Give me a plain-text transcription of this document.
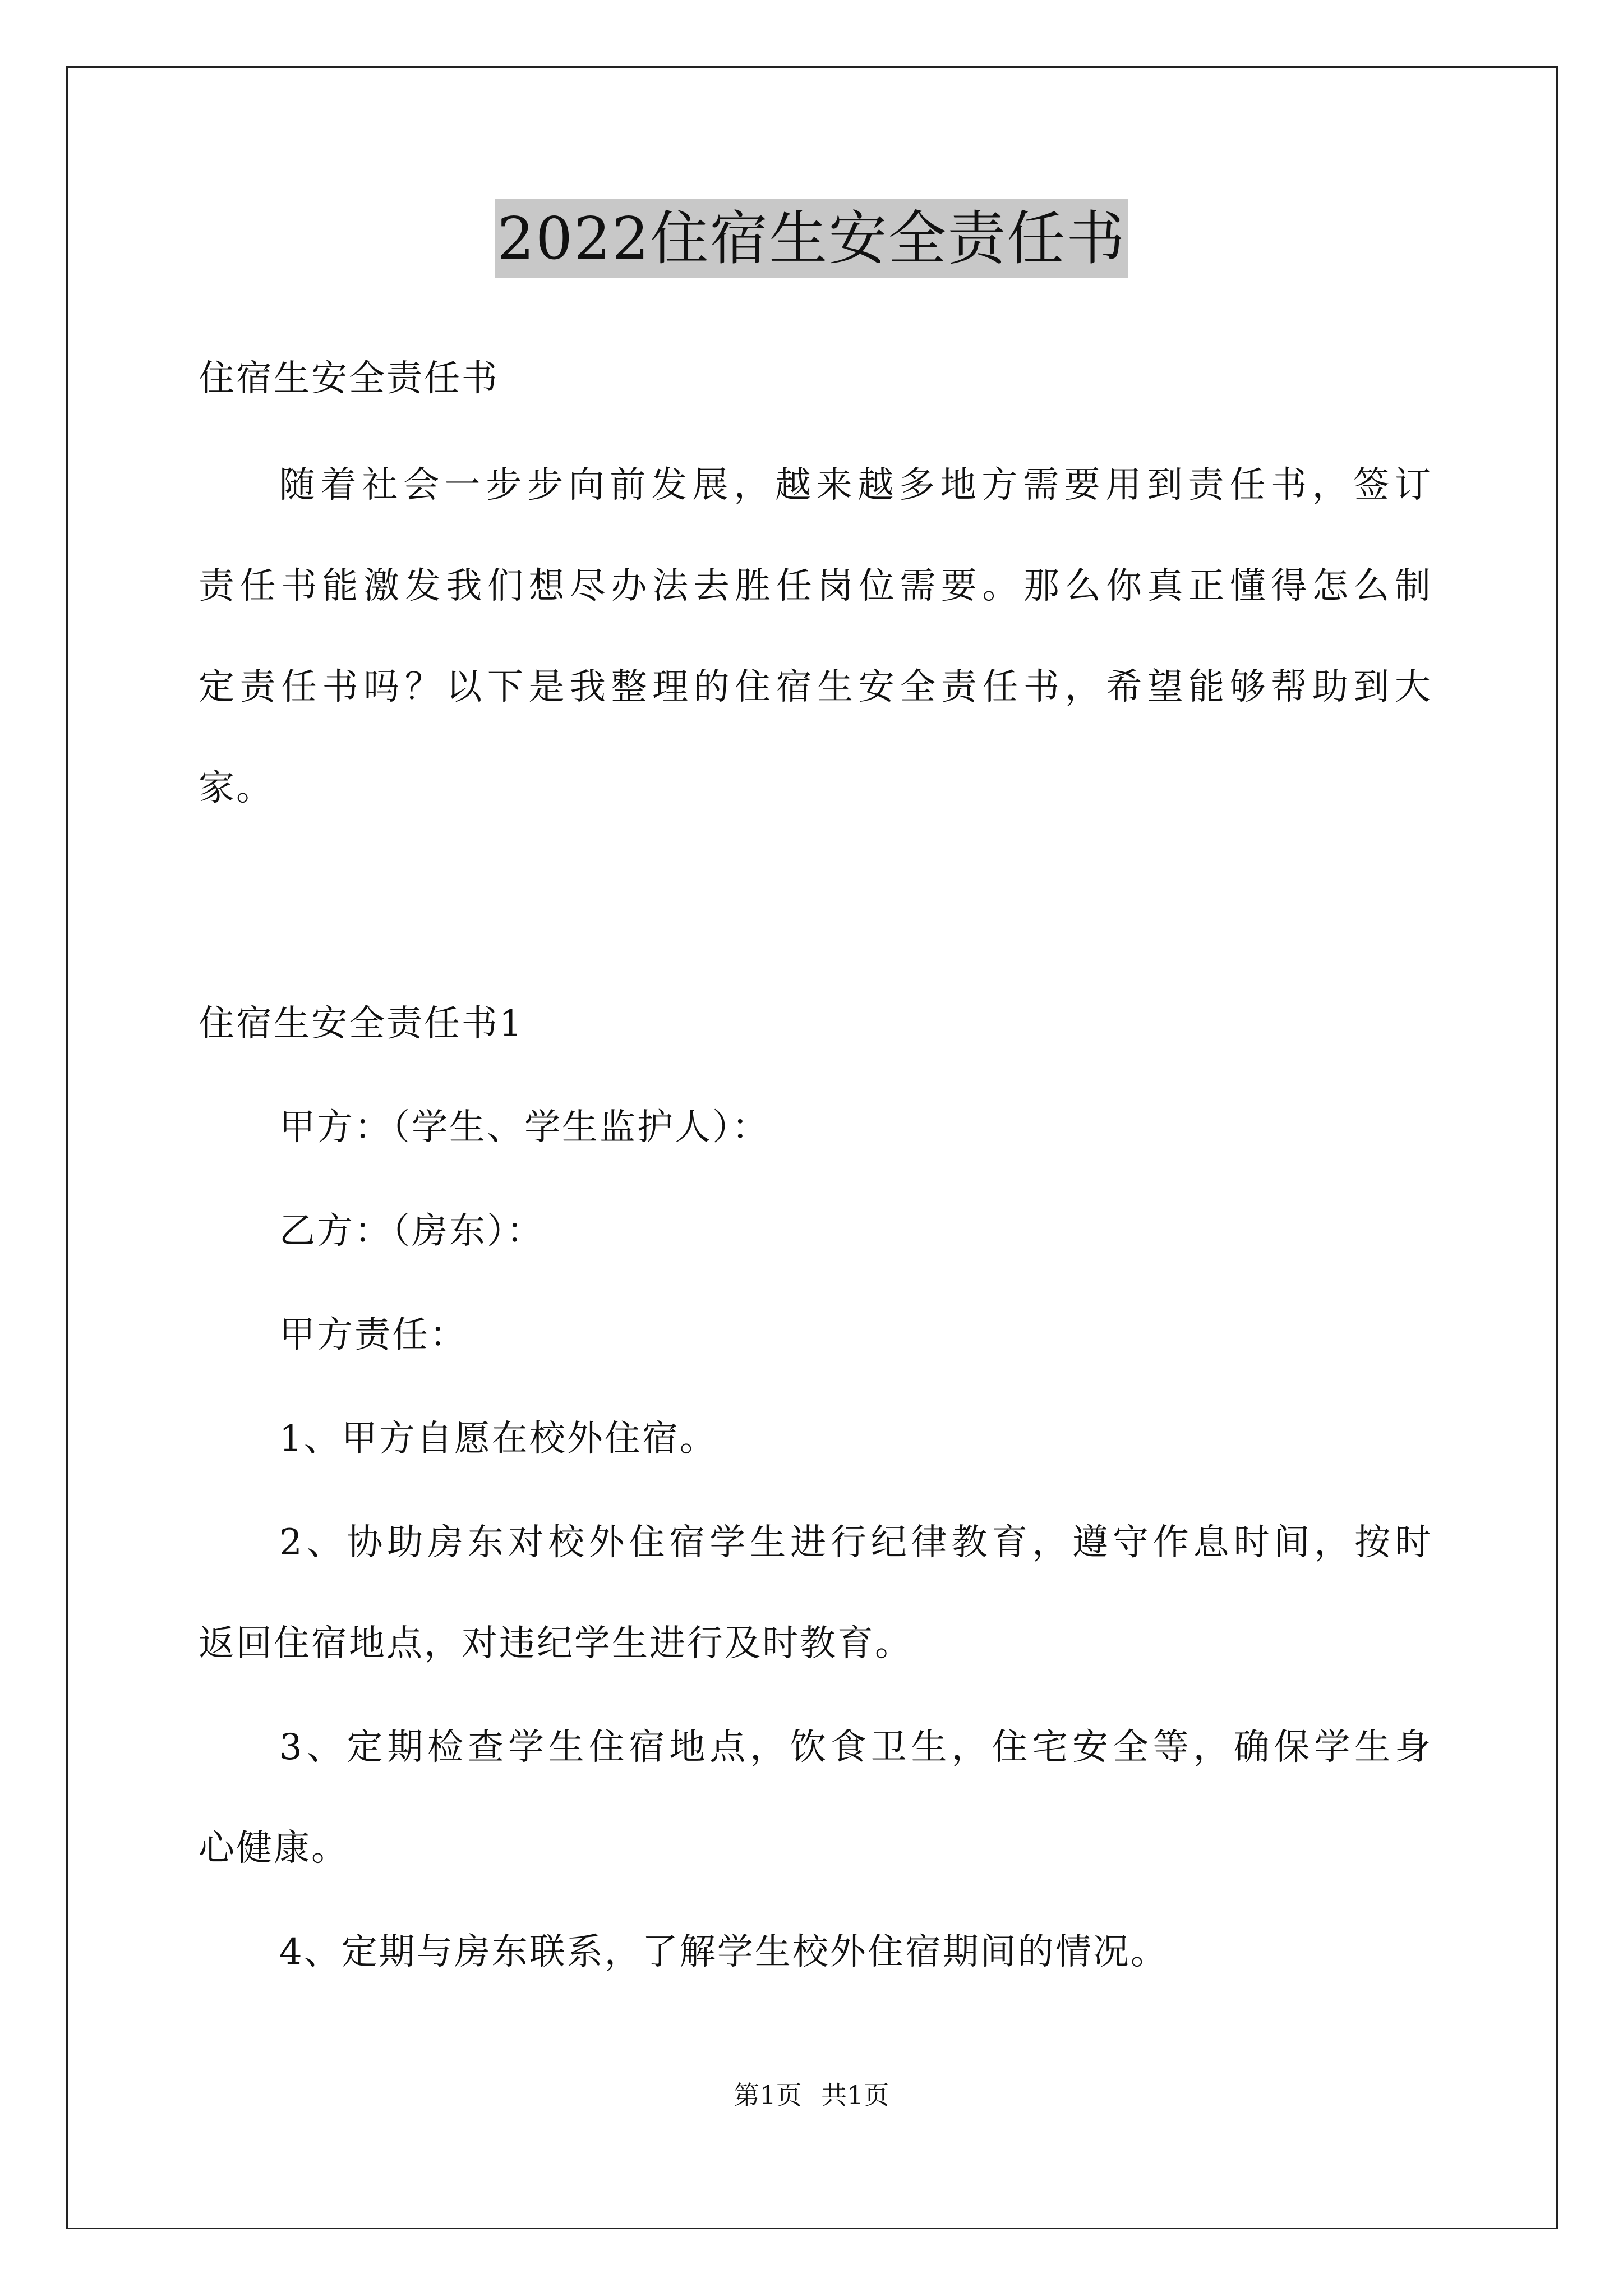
2022住宿生安全责任书
住宿生安全责任书
随着社会一步步向前发展，越来越多地方需要用到责任书，签订
责任书能激发我们想尽办法去胜任岗位需要。那么你真正懂得怎么制
定责任书吗？以下是我整理的住宿生安全责任书，希望能够帮助到大
家。
住宿生安全责任书1
甲方：（学生、学生监护人）：
乙方：（房东）：
甲方责任：
1、甲方自愿在校外住宿。
2、协助房东对校外住宿学生进行纪律教育，遵守作息时间，按时
返回住宿地点，对违纪学生进行及时教育。
3、定期检查学生住宿地点，饮食卫生，住宅安全等，确保学生身
心健康。
4、定期与房东联系，了解学生校外住宿期间的情况。
第1页 共1页
